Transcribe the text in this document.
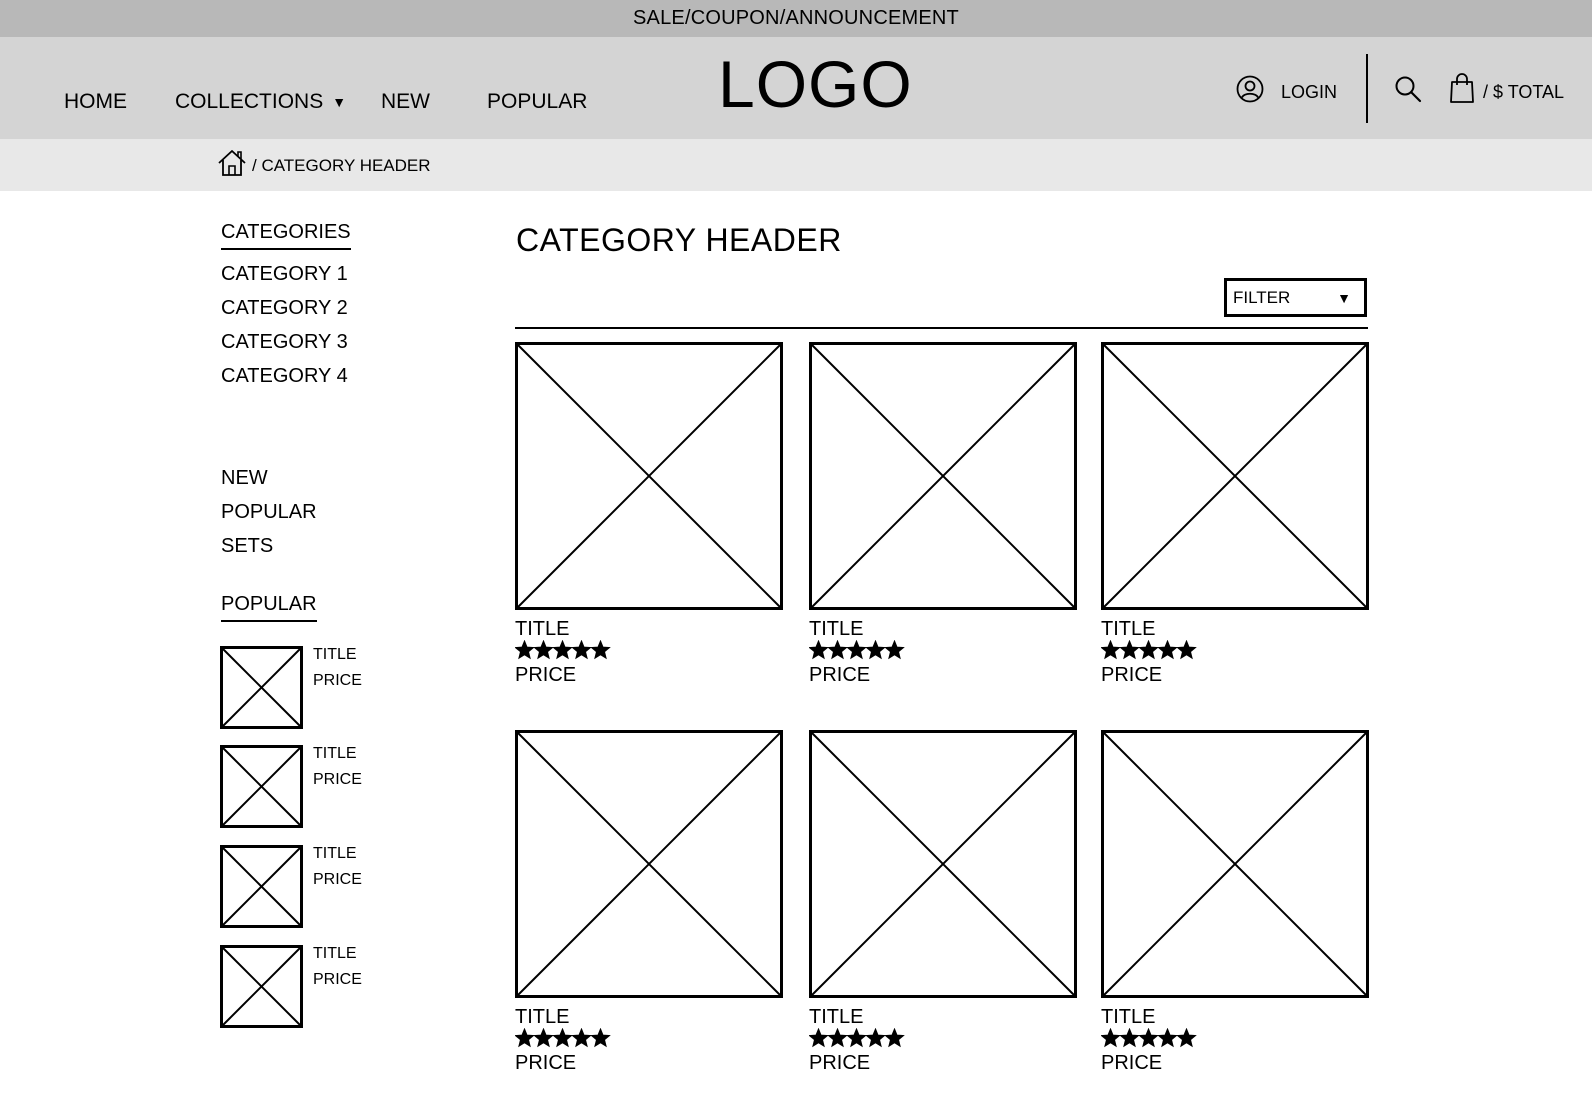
SALE/COUPON/ANNOUNCEMENT
HOME COLLECTIONS ▼ NEW	POPULAR LOGO	LOGIN	/ $ TOTAL
/ CATEGORY HEADER
CATEGORIES
CATEGORY 1
CATEGORY 2
CATEGORY 3
CATEGORY 4
NEW
POPULAR
SETS
POPULAR
TITLE
PRICE
TITLE
PRICE
TITLE
PRICE
TITLE
PRICE
CATEGORY HEADER
FILTER	▼
TITLE
PRICE
TITLE
PRICE
TITLE
PRICE
TITLE
PRICE
TITLE
PRICE
TITLE
PRICE
